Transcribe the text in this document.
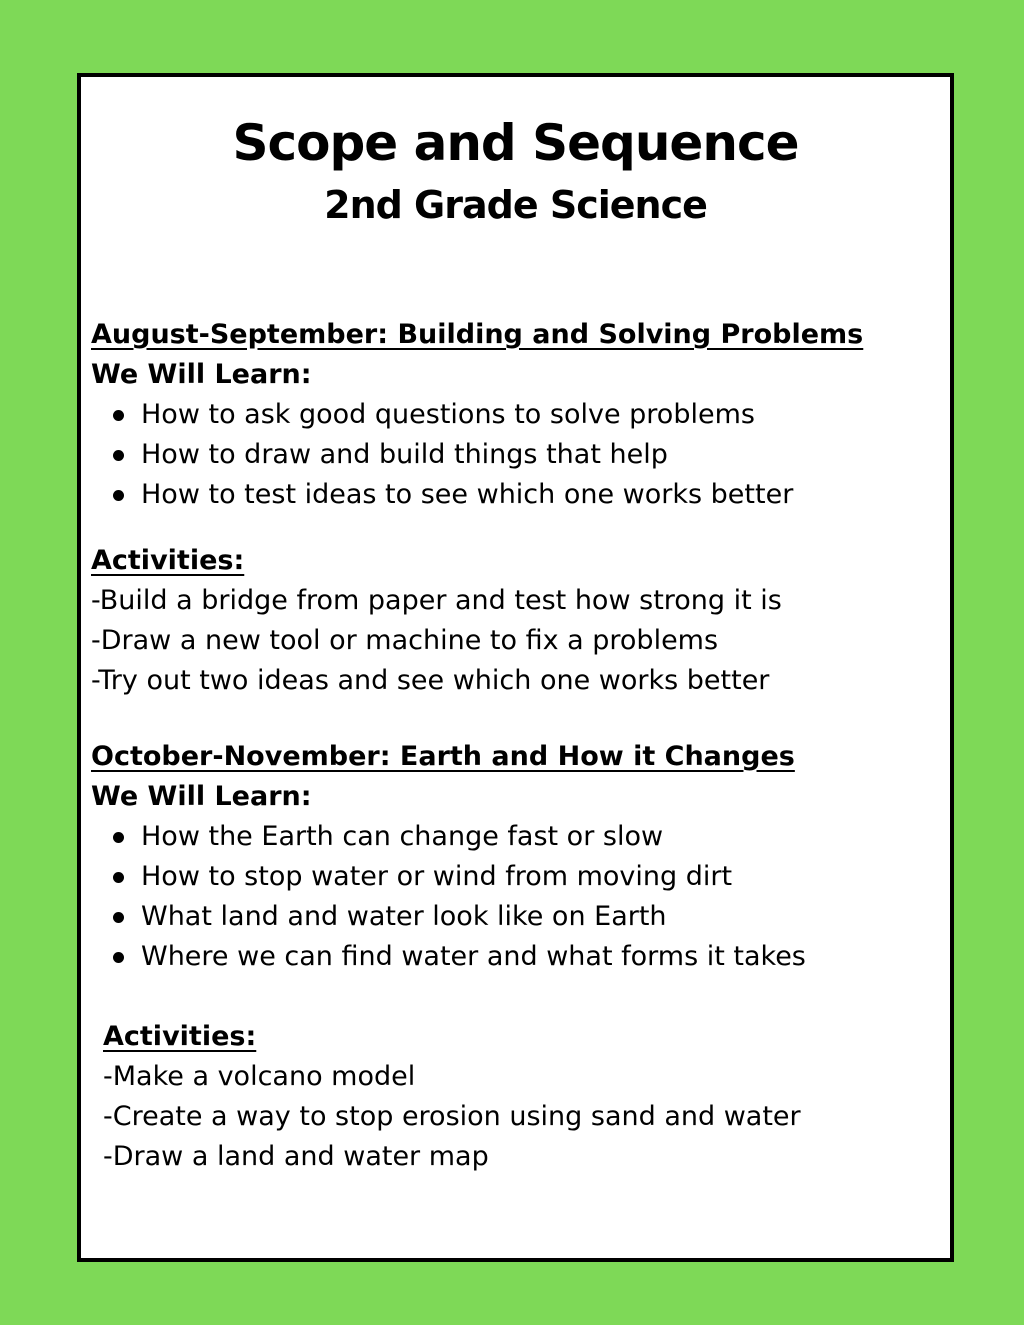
Scope and Sequence
2nd Grade Science
August-September: Building and Solving Problems
We Will Learn:
How to ask good questions to solve problems
How to draw and build things that help
How to test ideas to see which one works better
Activities:
-Build a bridge from paper and test how strong it is
-Draw a new tool or machine to fix a problems
-Try out two ideas and see which one works better
October-November: Earth and How it Changes
We Will Learn:
How the Earth can change fast or slow
How to stop water or wind from moving dirt
What land and water look like on Earth
Where we can find water and what forms it takes
Activities:
-Make a volcano model
-Create a way to stop erosion using sand and water
-Draw a land and water map
